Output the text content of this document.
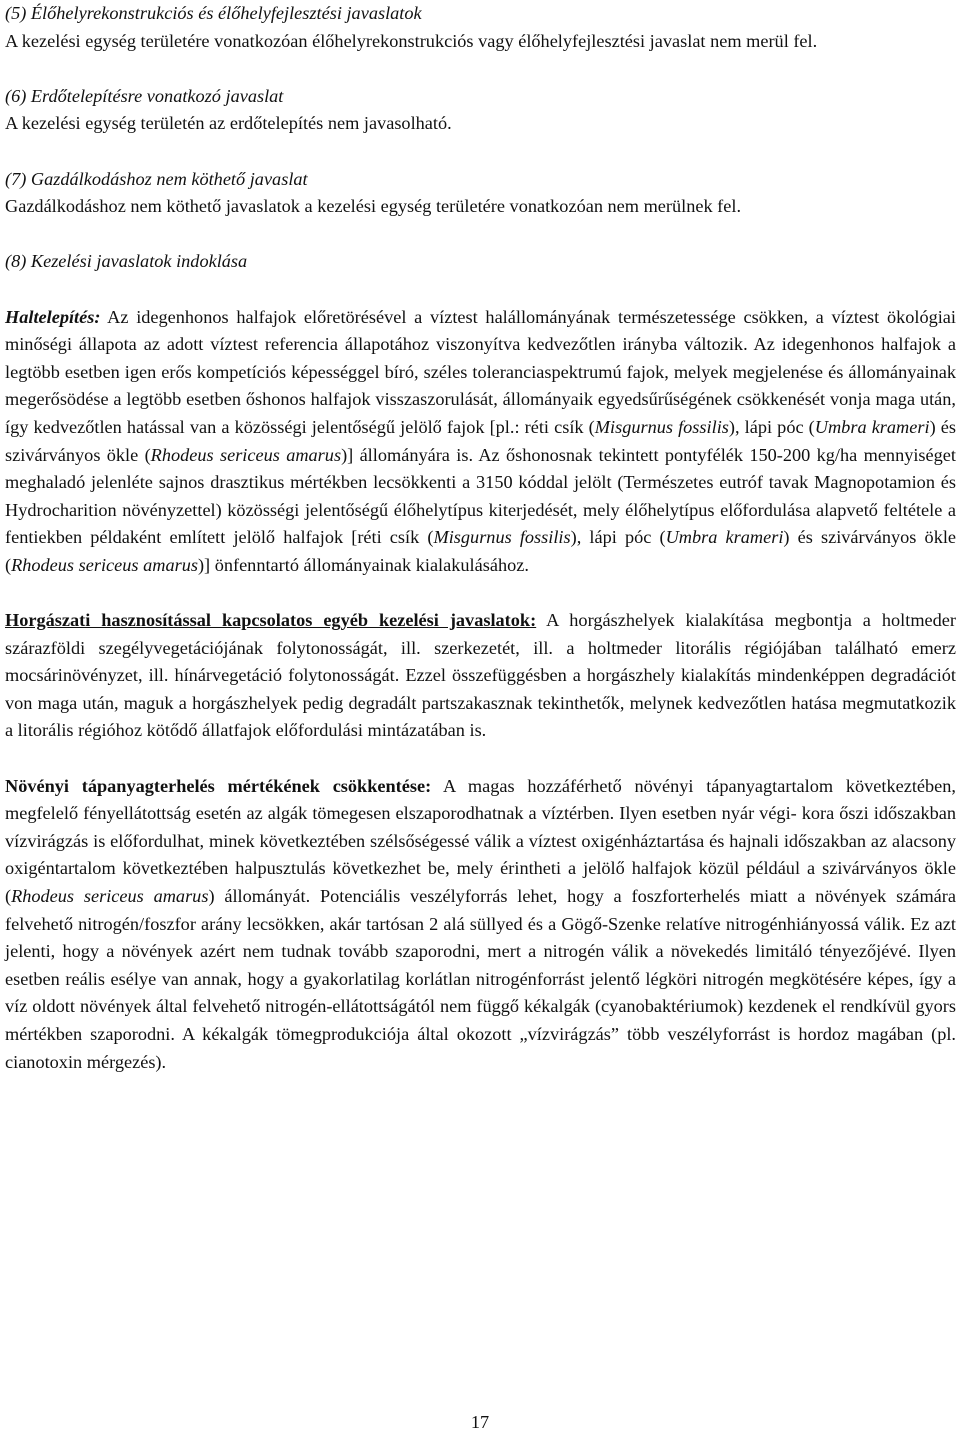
(5) Élőhelyrekonstrukciós és élőhelyfejlesztési javaslatok
A kezelési egység területére vonatkozóan élőhelyrekonstrukciós vagy élőhelyfejlesztési javaslat nem merül fel.
(6) Erdőtelepítésre vonatkozó javaslat
A kezelési egység területén az erdőtelepítés nem javasolható.
(7) Gazdálkodáshoz nem köthető javaslat
Gazdálkodáshoz nem köthető javaslatok a kezelési egység területére vonatkozóan nem merülnek fel.
(8) Kezelési javaslatok indoklása

Haltelepítés: Az idegenhonos halfajok előretörésével a víztest halállományának természetessége csökken, a víztest ökológiai minőségi állapota az adott víztest referencia állapotához viszonyítva kedvezőtlen irányba változik. Az idegenhonos halfajok a legtöbb esetben igen erős kompetíciós képességgel bíró, széles toleranciaspektrumú fajok, melyek megjelenése és állományainak megerősödése a legtöbb esetben őshonos halfajok visszaszorulását, állományaik egyedsűrűségének csökkenését vonja maga után, így kedvezőtlen hatással van a közösségi jelentőségű jelölő fajok [pl.: réti csík (Misgurnus fossilis), lápi póc (Umbra krameri) és szivárványos ökle (Rhodeus sericeus amarus)] állományára is. Az őshonosnak tekintett pontyfélék 150-200 kg/ha mennyiséget meghaladó jelenléte sajnos drasztikus mértékben lecsökkenti a 3150 kóddal jelölt (Természetes eutróf tavak Magnopotamion és Hydrocharition növényzettel) közösségi jelentőségű élőhelytípus kiterjedését, mely élőhelytípus előfordulása alapvető feltétele a fentiekben példaként említett jelölő halfajok [réti csík (Misgurnus fossilis), lápi póc (Umbra krameri) és szivárványos ökle (Rhodeus sericeus amarus)] önfenntartó állományainak kialakulásához.

Horgászati hasznosítással kapcsolatos egyéb kezelési javaslatok: A horgászhelyek kialakítása megbontja a holtmeder szárazföldi szegélyvegetációjának folytonosságát, ill. szerkezetét, ill. a holtmeder litorális régiójában található emerz mocsárinövényzet, ill. hínárvegetáció folytonosságát. Ezzel összefüggésben a horgászhely kialakítás mindenképpen degradációt von maga után, maguk a horgászhelyek pedig degradált partszakasznak tekinthetők, melynek kedvezőtlen hatása megmutatkozik a litorális régióhoz kötődő állatfajok előfordulási mintázatában is.

Növényi tápanyagterhelés mértékének csökkentése: A magas hozzáférhető növényi tápanyagtartalom következtében, megfelelő fényellátottság esetén az algák tömegesen elszaporodhatnak a víztérben. Ilyen esetben nyár végi- kora őszi időszakban vízvirágzás is előfordulhat, minek következtében szélsőségessé válik a víztest oxigénháztartása és hajnali időszakban az alacsony oxigéntartalom következtében halpusztulás következhet be, mely érintheti a jelölő halfajok közül például a szivárványos ökle (Rhodeus sericeus amarus) állományát. Potenciális veszélyforrás lehet, hogy a foszforterhelés miatt a növények számára felvehető nitrogén/foszfor arány lecsökken, akár tartósan 2 alá süllyed és a Gögő-Szenke relatíve nitrogénhiányossá válik. Ez azt jelenti, hogy a növények azért nem tudnak tovább szaporodni, mert a nitrogén válik a növekedés limitáló tényezőjévé. Ilyen esetben reális esélye van annak, hogy a gyakorlatilag korlátlan nitrogénforrást jelentő légköri nitrogén megkötésére képes, így a víz oldott növények által felvehető nitrogén-ellátottságától nem függő kékalgák (cyanobaktériumok) kezdenek el rendkívül gyors mértékben szaporodni. A kékalgák tömegprodukciója által okozott „vízvirágzás” több veszélyforrást is hordoz magában (pl. cianotoxin mérgezés).

17
